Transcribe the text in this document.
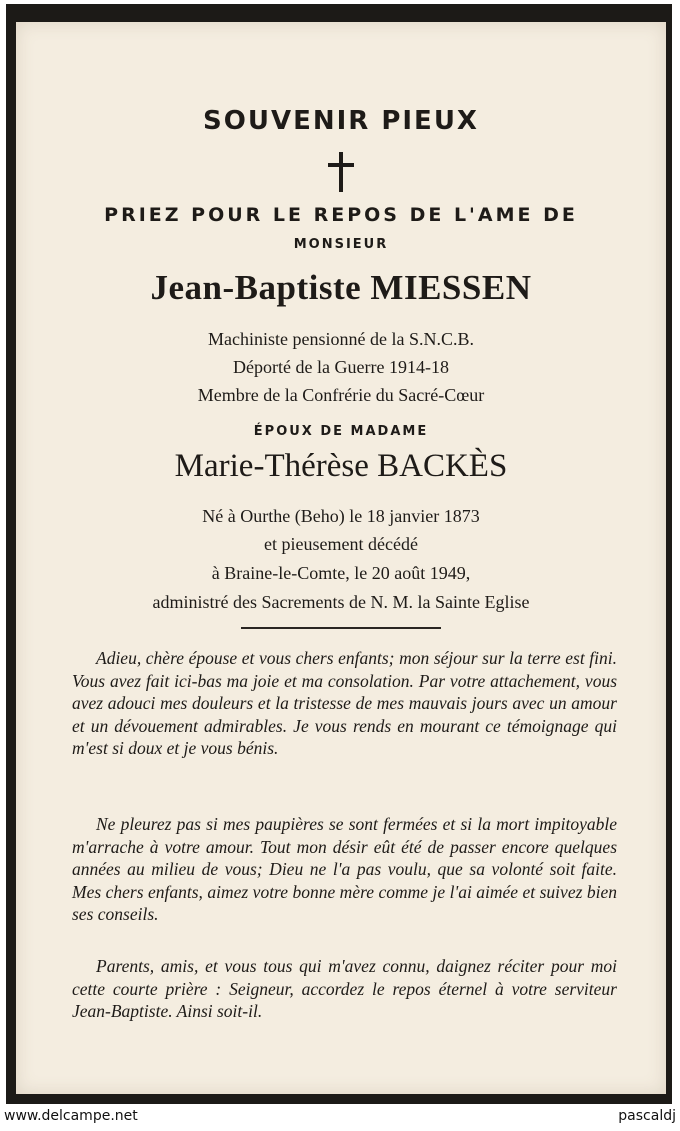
SOUVENIR PIEUX
PRIEZ POUR LE REPOS DE L'AME DE
MONSIEUR
Jean-Baptiste MIESSEN
Machiniste pensionné de la S.N.C.B.
Déporté de la Guerre 1914-18
Membre de la Confrérie du Sacré-Cœur
ÉPOUX DE MADAME
Marie-Thérèse BACKÈS
Né à Ourthe (Beho) le 18 janvier 1873
et pieusement décédé
à Braine-le-Comte, le 20 août 1949,
administré des Sacrements de N. M. la Sainte Eglise

Adieu, chère épouse et vous chers enfants; mon séjour sur la terre est fini. Vous avez fait ici-bas ma joie et ma consolation. Par votre attachement, vous avez adouci mes douleurs et la tristesse de mes mauvais jours avec un amour et un dévouement admirables. Je vous rends en mourant ce témoignage qui m'est si doux et je vous bénis.

Ne pleurez pas si mes paupières se sont fermées et si la mort impitoyable m'arrache à votre amour. Tout mon désir eût été de passer encore quelques années au milieu de vous; Dieu ne l'a pas voulu, que sa volonté soit faite. Mes chers enfants, aimez votre bonne mère comme je l'ai aimée et suivez bien ses conseils.

Parents, amis, et vous tous qui m'avez connu, daignez réciter pour moi cette courte prière : Seigneur, accordez le repos éternel à votre serviteur Jean-Baptiste. Ainsi soit-il.

www.delcampe.net	pascaldj
